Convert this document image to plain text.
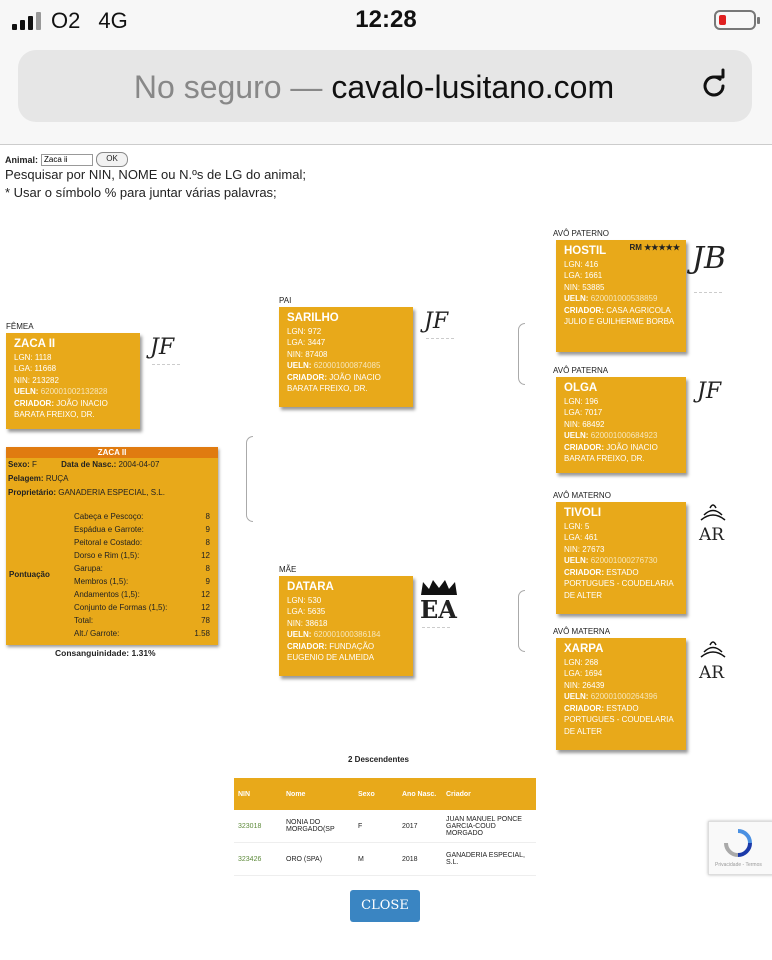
O2 4G	12:28
No seguro — cavalo-lusitano.com
Animal:
Zaca ii	OK
Pesquisar por NIN, NOME ou N.ºs de LG do animal;
* Usar o símbolo % para juntar várias palavras;
FÊMEA
PAI
MÃE
AVÔ PATERNO
AVÔ PATERNA
AVÔ MATERNO
AVÔ MATERNA
ZACA II
LGN: 1118
LGA: 11668
NIN: 213282
UELN: 620001002132828
CRIADOR: JOÃO INACIO BARATA FREIXO, DR.
JF
ZACA II
Sexo: F	Data de Nasc.: 2004-04-07
Pelagem: RUÇA
Proprietário: GANADERIA ESPECIAL, S.L.
Pontuação
Cabeça e Pescoço:	8
Espádua e Garrote:	9
Peitoral e Costado:	8
Dorso e Rim (1,5):	12
Garupa:	8
Membros (1,5):	9
Andamentos (1,5):	12
Conjunto de Formas (1,5):	12
Total:	78
Alt./ Garrote:	1.58
Consanguinidade: 1.31%
SARILHO
LGN: 972
LGA: 3447
NIN: 87408
UELN: 620001000874085
CRIADOR: JOÃO INACIO BARATA FREIXO, DR.
JF
DATARA
LGN: 530
LGA: 5635
NIN: 38618
UELN: 620001000386184
CRIADOR: FUNDAÇÃO EUGENIO DE ALMEIDA
EA
RM ★★★★★
HOSTIL
LGN: 416
LGA: 1661
NIN: 53885
UELN: 620001000538859
CRIADOR: CASA AGRICOLA JULIO E GUILHERME BORBA
JB
OLGA
LGN: 196
LGA: 7017
NIN: 68492
UELN: 620001000684923
CRIADOR: JOÃO INACIO BARATA FREIXO, DR.
JF
TIVOLI
LGN: 5
LGA: 461
NIN: 27673
UELN: 620001000276730
CRIADOR: ESTADO PORTUGUES - COUDELARIA DE ALTER
AR
XARPA
LGN: 268
LGA: 1694
NIN: 26439
UELN: 620001000264396
CRIADOR: ESTADO PORTUGUES - COUDELARIA DE ALTER
AR
2 Descendentes
NIN	Nome	Sexo	Ano Nasc.	Criador
323018	NONIA DO MORGADO(SP	F	2017	JUAN MANUEL PONCE GARCIA-COUD MORGADO
323426	ORO (SPA)	M	2018	GANADERIA ESPECIAL, S.L.
CLOSE
Privacidade - Termos
